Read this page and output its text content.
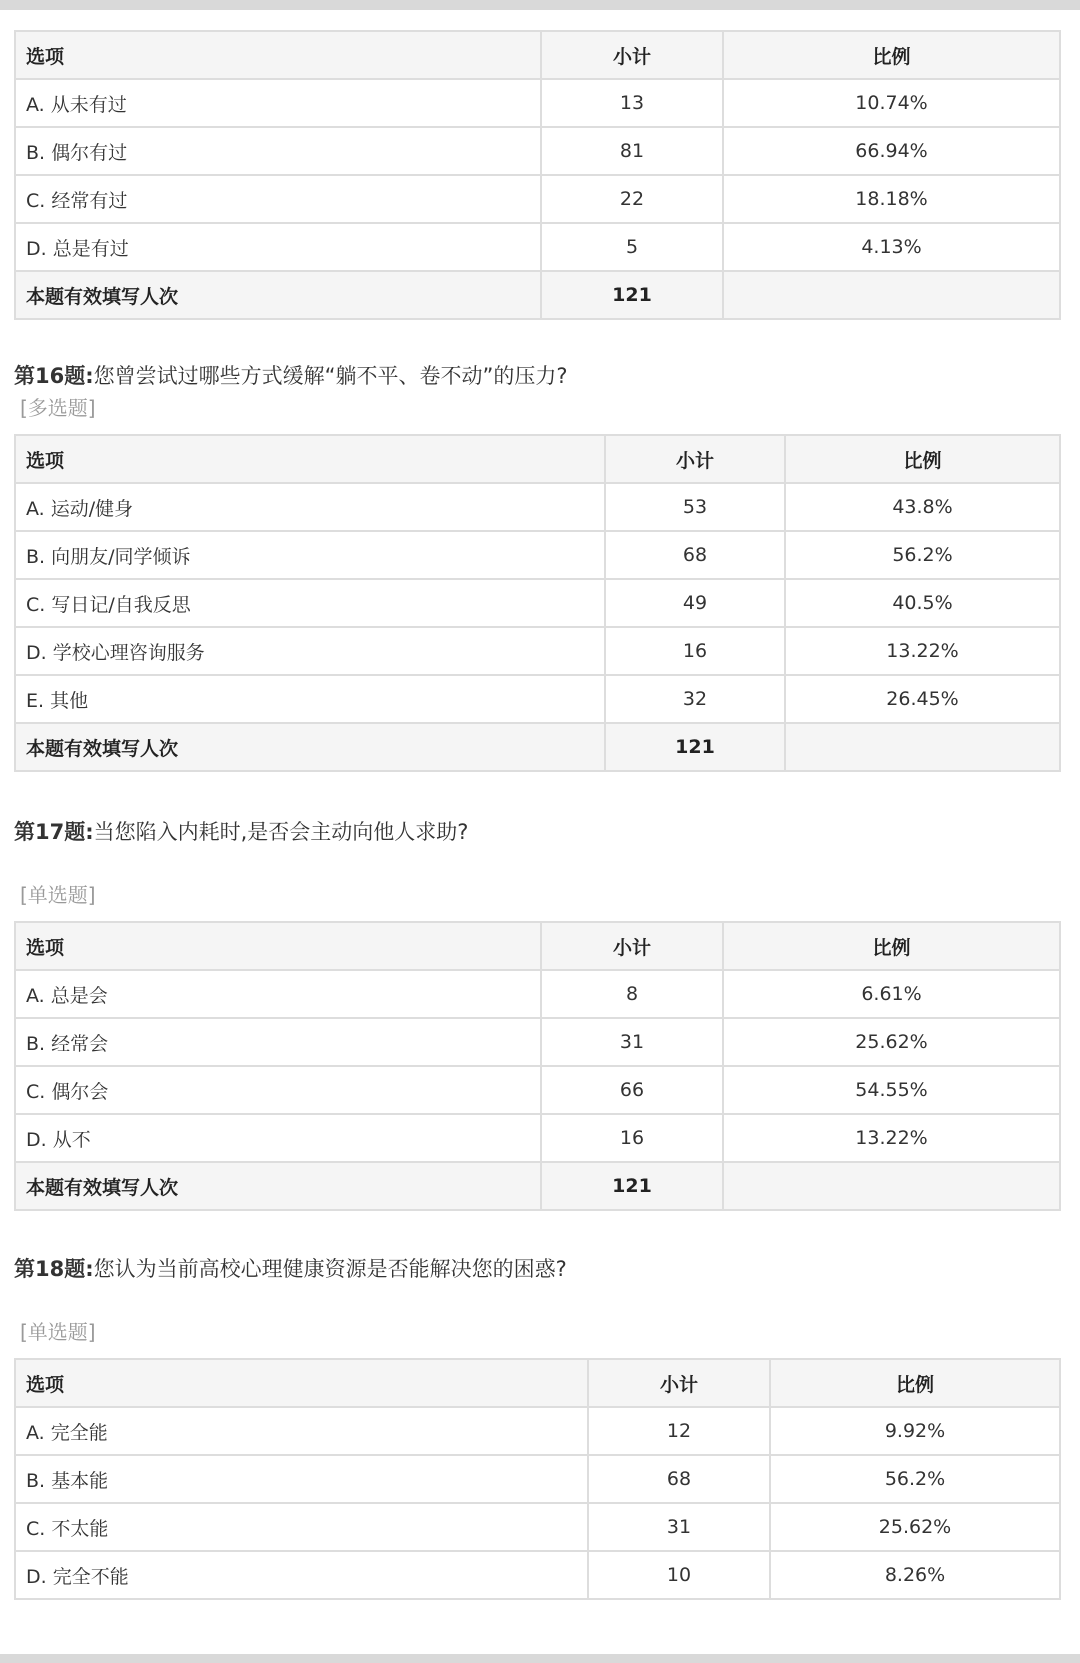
选项	小计	比例
A. 从未有过	13	10.74%
B. 偶尔有过	81	66.94%
C. 经常有过	22	18.18%
D. 总是有过	5	4.13%
本题有效填写人次	121	
第16题:您曾尝试过哪些方式缓解“躺不平、卷不动”的压力?
[多选题]
选项	小计	比例
A. 运动/健身	53	43.8%
B. 向朋友/同学倾诉	68	56.2%
C. 写日记/自我反思	49	40.5%
D. 学校心理咨询服务	16	13.22%
E. 其他	32	26.45%
本题有效填写人次	121	
第17题:当您陷入内耗时,是否会主动向他人求助?
[单选题]
选项	小计	比例
A. 总是会	8	6.61%
B. 经常会	31	25.62%
C. 偶尔会	66	54.55%
D. 从不	16	13.22%
本题有效填写人次	121	
第18题:您认为当前高校心理健康资源是否能解决您的困惑?
[单选题]
选项	小计	比例
A. 完全能	12	9.92%
B. 基本能	68	56.2%
C. 不太能	31	25.62%
D. 完全不能	10	8.26%
